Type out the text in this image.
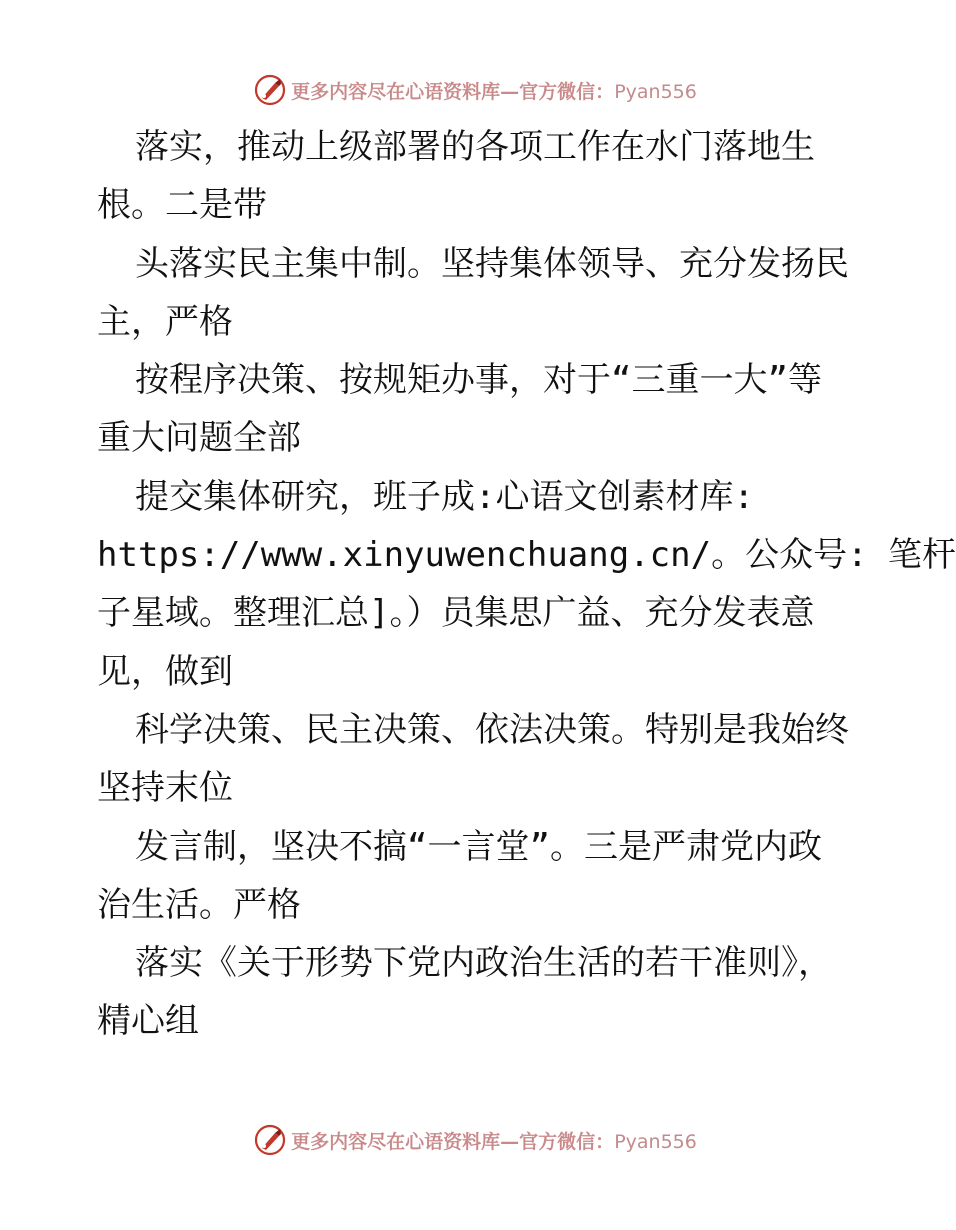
更多内容尽在心语资料库—官方微信：Pyan556
落实，推动上级部署的各项工作在水门落地生
根。二是带
头落实民主集中制。坚持集体领导、充分发扬民
主，严格
按程序决策、按规矩办事，对于“三重一大”等
重大问题全部
提交集体研究，班子成:心语文创素材库:
https://www.xinyuwenchuang.cn/。公众号: 笔杆
子星域。整理汇总]。）员集思广益、充分发表意
见，做到
科学决策、民主决策、依法决策。特别是我始终
坚持末位
发言制，坚决不搞“一言堂”。三是严肃党内政
治生活。严格
落实《关于形势下党内政治生活的若干准则》，
精心组
更多内容尽在心语资料库—官方微信：Pyan556
